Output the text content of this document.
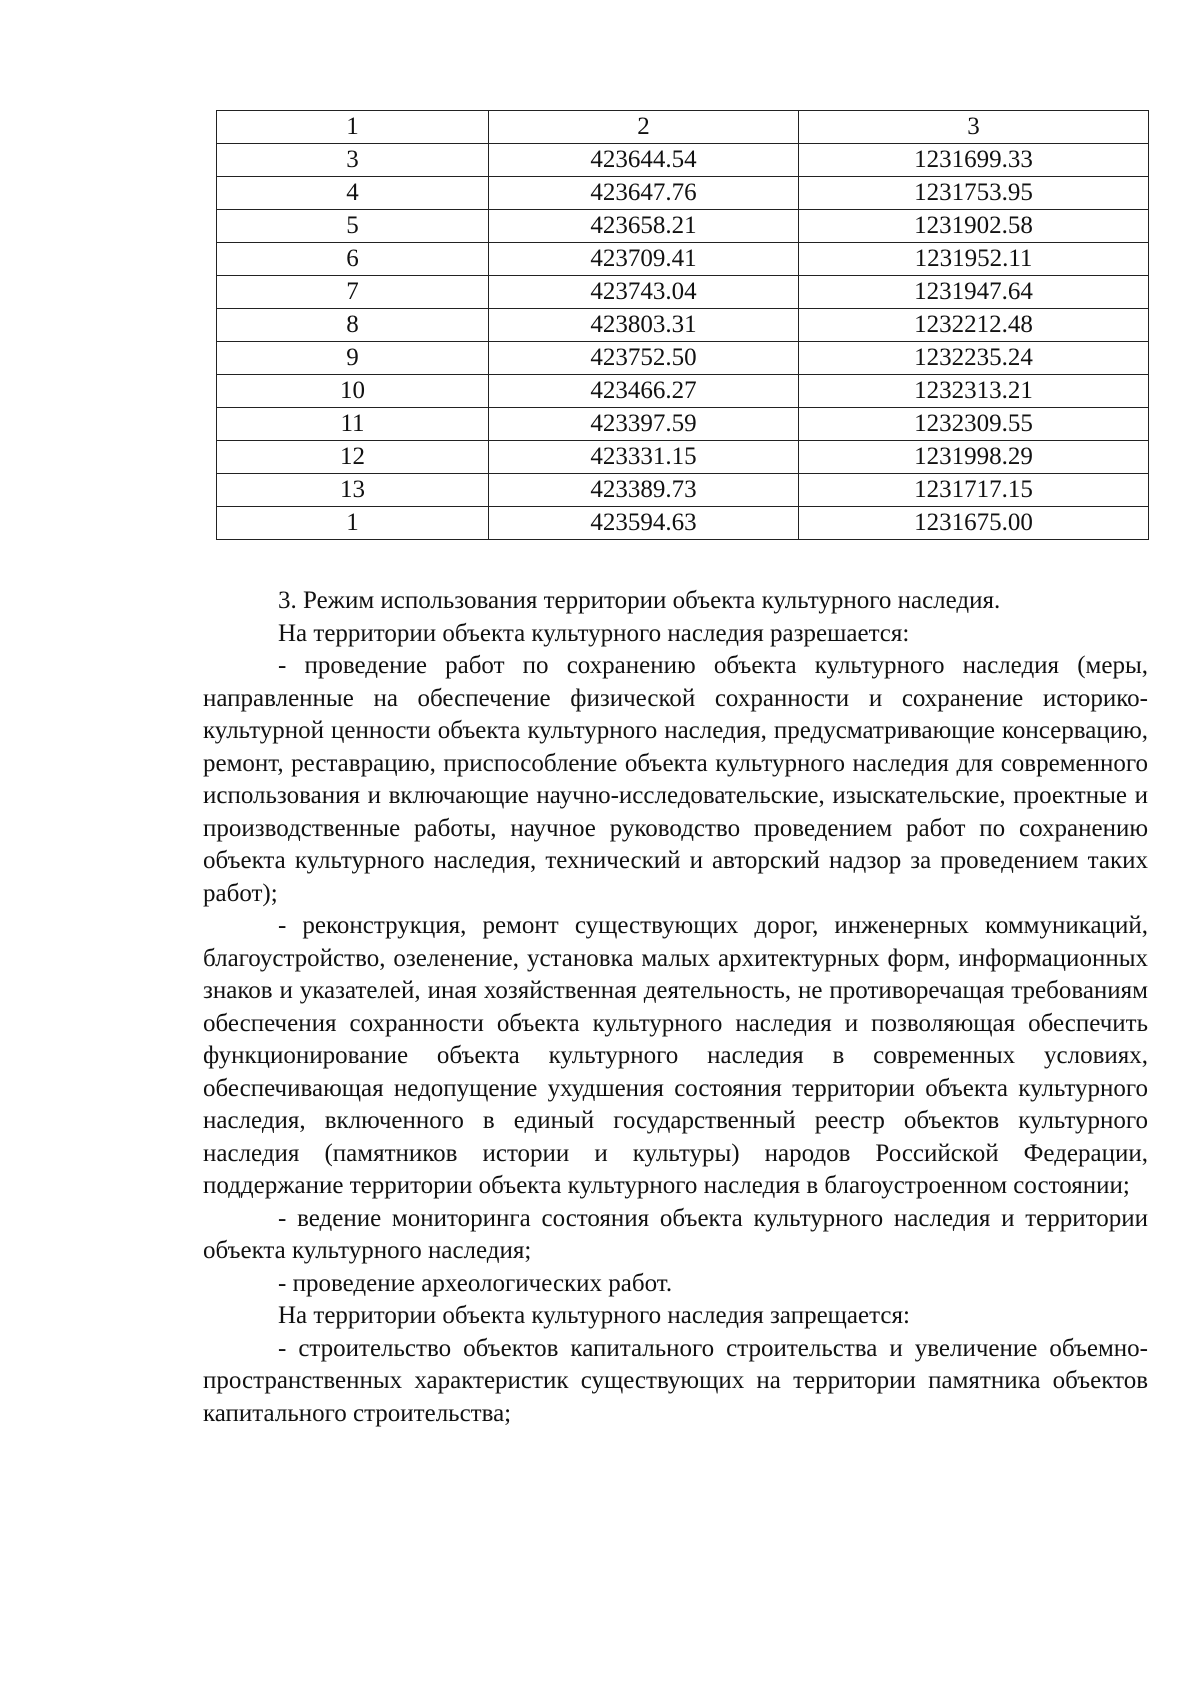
1	2	3
3	423644.54	1231699.33
4	423647.76	1231753.95
5	423658.21	1231902.58
6	423709.41	1231952.11
7	423743.04	1231947.64
8	423803.31	1232212.48
9	423752.50	1232235.24
10	423466.27	1232313.21
11	423397.59	1232309.55
12	423331.15	1231998.29
13	423389.73	1231717.15
1	423594.63	1231675.00

3. Режим использования территории объекта культурного наследия.

На территории объекта культурного наследия разрешается:

- проведение работ по сохранению объекта культурного наследия (меры, направленные на обеспечение физической сохранности и сохранение историко-культурной ценности объекта культурного наследия, предусматривающие консервацию, ремонт, реставрацию, приспособление объекта культурного наследия для современного использования и включающие научно-исследовательские, изыскательские, проектные и производственные работы, научное руководство проведением работ по сохранению объекта культурного наследия, технический и авторский надзор за проведением таких работ);

- реконструкция, ремонт существующих дорог, инженерных коммуникаций, благоустройство, озеленение, установка малых архитектурных форм, информационных знаков и указателей, иная хозяйственная деятельность, не противоречащая требованиям обеспечения сохранности объекта культурного наследия и позволяющая обеспечить функционирование объекта культурного наследия в современных условиях, обеспечивающая недопущение ухудшения состояния территории объекта культурного наследия, включенного в единый государственный реестр объектов культурного наследия (памятников истории и культуры) народов Российской Федерации, поддержание территории объекта культурного наследия в благоустроенном состоянии;

- ведение мониторинга состояния объекта культурного наследия и территории объекта культурного наследия;

- проведение археологических работ.

На территории объекта культурного наследия запрещается:

- строительство объектов капитального строительства и увеличение объемно-пространственных характеристик существующих на территории памятника объектов капитального строительства;
